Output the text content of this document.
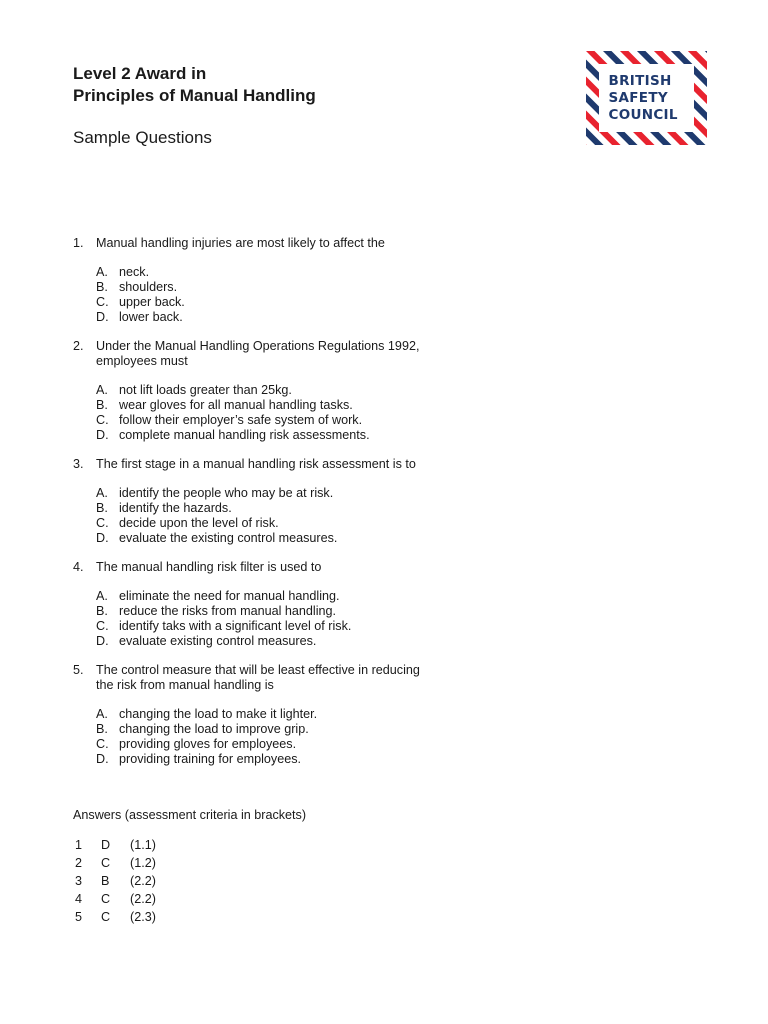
Level 2 Award in
Principles of Manual Handling
Sample Questions
BRITISH
SAFETY
COUNCIL
1. Manual handling injuries are most likely to affect the
A. neck.
B. shoulders.
C. upper back.
D. lower back.
2. Under the Manual Handling Operations Regulations 1992,
employees must
A. not lift loads greater than 25kg.
B. wear gloves for all manual handling tasks.
C. follow their employer’s safe system of work.
D. complete manual handling risk assessments.
3. The first stage in a manual handling risk assessment is to
A. identify the people who may be at risk.
B. identify the hazards.
C. decide upon the level of risk.
D. evaluate the existing control measures.
4. The manual handling risk filter is used to
A. eliminate the need for manual handling.
B. reduce the risks from manual handling.
C. identify taks with a significant level of risk.
D. evaluate existing control measures.
5. The control measure that will be least effective in reducing
the risk from manual handling is
A. changing the load to make it lighter.
B. changing the load to improve grip.
C. providing gloves for employees.
D. providing training for employees.
Answers (assessment criteria in brackets)
1 D (1.1)
2 C (1.2)
3 B (2.2)
4 C (2.2)
5 C (2.3)
